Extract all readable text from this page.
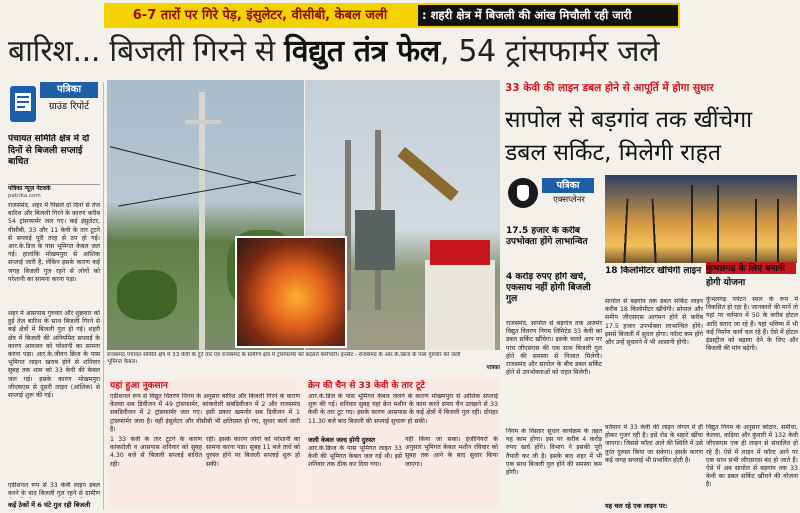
6-7 तारों पर गिरे पेड़, इंसुलेटर, वीसीबी, केबल जली	: शहरी क्षेत्र में बिजली की आंख मिचौली रही जारी
बारिश... बिजली गिरने से विद्युत तंत्र फेल, 54 ट्रांसफार्मर जले
पत्रिका
ग्राउंड रिपोर्ट
पंचायत समिति क्षेत्र में दो दिनों से बिजली सप्लाई बाधित
पत्रिका न्यूज़ नेटवर्क
patrika.com
राजसमंद. शहर में पिछले दो दिनों से तेज बारिश और बिजली गिरने के कारण करीब 54 ट्रांसफार्मर जल गए। कई इंसुलेटर, वीसीबी, 33 और 11 केवी के तार टूटने से सप्लाई पूरी तरह से ठप हो गई। आर.के.डिज के पास भूमिगत केबल जल गई। हालांकि मोखमपुरा से आंशिक सप्लाई जारी है, लेकिन इसके कारण कई जगह बिजली गुल रहने से लोगों को परेशानी का सामना करना पड़ा।
शहर में आसपास गुरुवार और शुक्रवार को हुई तेज बारिश के साथ बिजली गिरने से कई क्षेत्रों में बिजली गुल हो गई। शहरी क्षेत्र में बिजली की अनियमित सप्लाई के कारण आमजन को परेशानी का सामना करना पड़ा। आर.के.जीवन क्रिज के पास भूमिगत लाइन खराब होने से शनिवार सुबह तक शाम को 33 केवी की केबल जल गई। इसके कारण मोखमपुरा जीएसएस से दूसरी लाइन (आंशिक) से सप्लाई शुरू की गई।
एडीशनल रूप से 33 केवी लाइन डबल करने के बाद बिजली गुल रहने से ग्रामीण
कई ठेकों में 6 घंटे गुल रही बिजली
राजसमंद पंचायत समिति क्षेत्र में 33 केवी के टूटे तार एवं राजसमंद के ग्रामीण क्षेत्र में ट्रांसफार्मर को बदलते कर्मचारी। इनसेट : राजसमंद के आर.के.क्रिज के पास गुरुवार को जली भूमिगत केबल।
पत्रिका
यहां हुआ नुकसान
एडीशनल रूप से विद्युत वितरण निगम के अनुसार बारिश और बिजली गिरने के कारण केलवा सब डिवीजन में 49 ट्रांसफार्मर, कांकरोली सबडिवीजन में 2 और राजसमंद सबडिवीजन में 2 ट्रांसफार्मर जल गए। इसी प्रकार खमनोर सब डिवीजन में 1 ट्रांसफार्मर जला है। वहीं इंसुलेटर और वीसीबी भी क्षतिग्रस्त हो गए, सुधार कार्य जारी है।
1 33 केवी के तार टूटने के कारण कांकरोली व आसपास शनिवार को सुबह 4.30 बजे से बिजली सप्लाई बाधित रही।
रही। इसके कारण लोगों को परेशानी का सामना करना पड़ा। सुबह 11 बजे तार्ध को दुरुस्त होने पर बिजली सप्लाई शुरू हो सकी।
क्रेन की चैन से 33 केवी के तार टूटे
आर.के.डिज के पास भूमिगत केबल जलने के कारण मोखमपुरा से आंशिक सप्लाई शुरू की गई। शनिवार सुबह यहां क्रेन मशीन के काम करते समय चैन उलझने से 33 केवी के तार टूट गए। इसके कारण आसपास के कई क्षेत्रों में बिजली गुल रही। दोपहर 11.30 बजे बाद बिजली की सप्लाई सुचारू हो सकी।
जली केबल जल्द होगी दुरुस्त
आर.के.क्रिज के पास भूमिगत लाइन 33 केवी की भूमिगत केबल जल गई थी। इसे शनिवार तक ठीक कर दिया गया।
नहीं किया जा सका। इंजीनियरों के अनुसार भूमिगत केबल मशीन रविवार को सुबह तक आने के बाद सुधार किया जाएगा।
33 केवी की लाइन डबल होने से आपूर्ति में होगा सुधार
सापोल से बड़गांव तक खींचेगा डबल सर्किट, मिलेगी राहत
पत्रिका
एक्सप्लेनर
17.5 हजार के करीब उपभोक्ता होंगे लाभान्वित
4 करोड़ रुपए होंगे खर्च, एकसाथ नहीं होगी बिजली गुल
राजसमंद. सापोल से बड़गांव तक अजमेर विद्युत वितरण निगम लिमिटेड 33 केवी का डबल सर्किट खींचेगा। इसके चलते आप पर पांच जीएसएस की एक साथ बिजली गुल होने की समस्या से निजात मिलेगी। राजसमंद और सापोल के बीच डबल सर्किट होने से उपभोक्ताओं को राहत मिलेगी।
निगम के विस्तार सुधार कार्यक्रम के तहत यह काम होगा। इस पर करीब 4 करोड़ रुपए खर्च होंगे। विभाग ने इसकी पूरी तैयारी कर ली है। इसके बाद शहर में भी एक साथ बिजली गुल होने की समस्या कम होगी।
18 किलोमीटर खींचेगी लाइन
सापोल से बड़गांव तक डबल सर्किट लाइन करीब 18 किलोमीटर खींचेगी। सोपाल और समीप जीएसएस आगमन होने से करीब 17.5 हजार उपभोक्ता लाभान्वित होंगे। इससे बिजली में सुधार होगा। फॉल्ट कम होंगे और उन्हें सुधारने में भी आसानी होगी।
वर्तमान में 33 केवी की लाइन जंगल में ही होकर गुजर रही है। इसे रोड के सहारे खींचा जाएगा। जिससे फॉल्ट आने की स्थिति में उसे तुरंत दुरुस्त किया जा सकेगा। इसके कारण कई जगह सप्लाई भी प्रभावित होती है।
यह चल रहे एक लाइन पर:
कुंभलगढ़ के लिए बनानी होगी योजना
कुंभलगढ़ पर्यटन स्थल के रूप में विकसित हो रहा है। जानकारों की मानें तो यहां पर वर्तमान में 50 के करीब होटल आदि बताए जा रहे हैं। यहां भविष्य में भी कई निर्माण कार्य चल रहे हैं। ऐसे में होटल इंडस्ट्रीज को बढ़ावा देने के लिए और बिजली की मांग बढ़ेगी।
विद्युत निगम के अनुसार कोठार, समीचा, केलवा, कड़िया और कुंवारी में 132 केवी जीएसएस एक ही लाइन से संचालित हो रहे हैं। ऐसे में लाइन में फॉल्ट आने पर एक साथ सभी जीएसएस बंद हो जाते हैं। ऐसे में अब सापोल से बड़गांव तक 33 केवी का डबल सर्किट खींचने की योजना है।
